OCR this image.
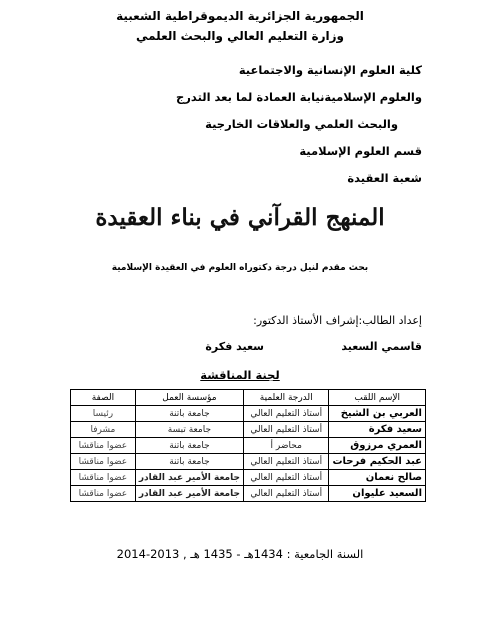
الجمهورية الجزائرية الديموقراطية الشعبية
وزارة التعليم العالي والبحث العلمي
كلية العلوم الإنسانية والاجتماعية
والعلوم الإسلاميةنيابة العمادة لما بعد التدرج
والبحث العلمي والعلاقات الخارجية
قسم العلوم الإسلامية
شعبة العقيدة
المنهج القرآني في بناء العقيدة
بحث مقدم لنيل درجة دكتوراه العلوم في العقيدة الإسلامية
إعداد الطالب:إشراف الأستاذ الدكتور:
قاسمي السعيد
سعيد فكرة
لجنة المناقشة
الإسم اللقب	الدرجة العلمية	مؤسسة العمل	الصفة
العربي بن الشيخ	أستاذ التعليم العالي	جامعة باتنة	رئيسا
سعيد فكرة	أستاذ التعليم العالي	جامعة تبسة	مشرفا
العمري مرزوق	محاضر أ	جامعة باتنة	عضوا مناقشا
عبد الحكيم فرحات	أستاذ التعليم العالي	جامعة باتنة	عضوا مناقشا
صالح نعمان	أستاذ التعليم العالي	جامعة الأمير عبد القادر	عضوا مناقشا
السعيد عليوان	أستاذ التعليم العالي	جامعة الأمير عبد القادر	عضوا مناقشا
السنة الجامعية : 1434هـ - 1435 هـ , 2013-2014
